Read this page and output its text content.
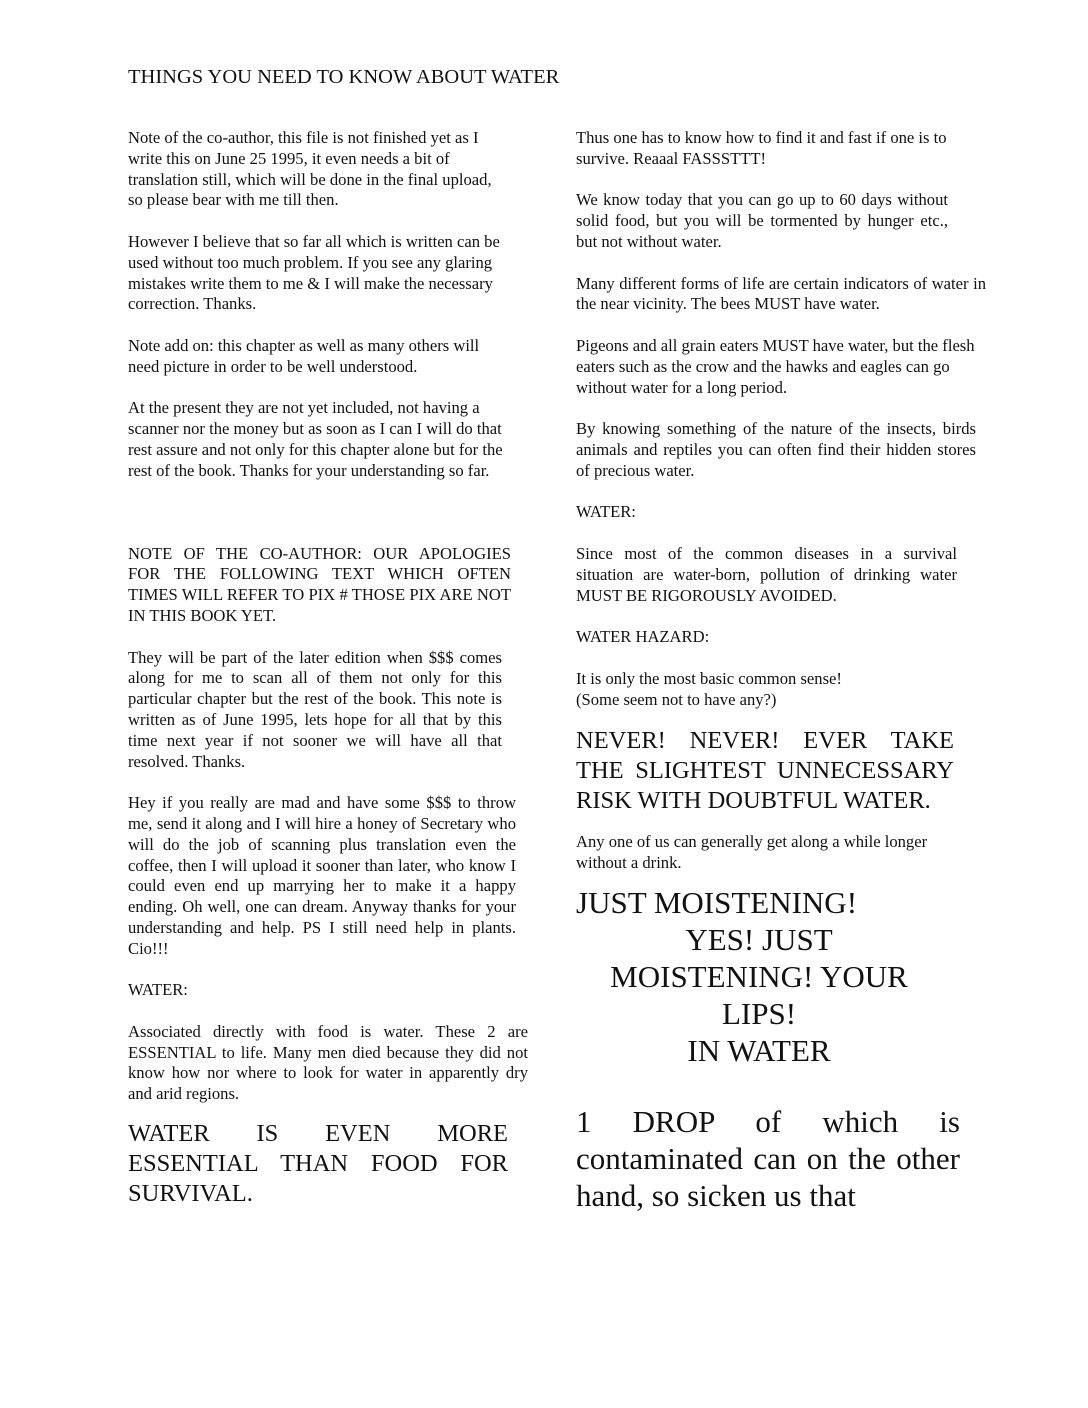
THINGS YOU NEED TO KNOW ABOUT WATER

Note of the co-author, this file is not finished yet as I write this on June 25 1995, it even needs a bit of translation still, which will be done in the final upload, so please bear with me till then.

However I believe that so far all which is written can be used without too much problem. If you see any glaring mistakes write them to me & I will make the necessary correction. Thanks.

Note add on: this chapter as well as many others will need picture in order to be well understood.

At the present they are not yet included, not having a scanner nor the money but as soon as I can I will do that rest assure and not only for this chapter alone but for the rest of the book. Thanks for your understanding so far.

NOTE OF THE CO-AUTHOR: OUR APOLOGIES FOR THE FOLLOWING TEXT WHICH OFTEN TIMES WILL REFER TO PIX # THOSE PIX ARE NOT IN THIS BOOK YET.

They will be part of the later edition when $$$ comes along for me to scan all of them not only for this particular chapter but the rest of the book. This note is written as of June 1995, lets hope for all that by this time next year if not sooner we will have all that resolved. Thanks.

Hey if you really are mad and have some $$$ to throw me, send it along and I will hire a honey of Secretary who will do the job of scanning plus translation even the coffee, then I will upload it sooner than later, who know I could even end up marrying her to make it a happy ending. Oh well, one can dream. Anyway thanks for your understanding and help. PS I still need help in plants. Cio!!!

WATER:

Associated directly with food is water. These 2 are ESSENTIAL to life. Many men died because they did not know how nor where to look for water in apparently dry and arid regions.

WATER IS EVEN MORE ESSENTIAL THAN FOOD FOR SURVIVAL.

Thus one has to know how to find it and fast if one is to survive. Reaaal FASSSTTT!

We know today that you can go up to 60 days without solid food, but you will be tormented by hunger etc., but not without water.

Many different forms of life are certain indicators of water in the near vicinity. The bees MUST have water.

Pigeons and all grain eaters MUST have water, but the flesh eaters such as the crow and the hawks and eagles can go without water for a long period.

By knowing something of the nature of the insects, birds animals and reptiles you can often find their hidden stores of precious water.

WATER:

Since most of the common diseases in a survival situation are water-born, pollution of drinking water MUST BE RIGOROUSLY AVOIDED.

WATER HAZARD:

It is only the most basic common sense!

(Some seem not to have any?)

NEVER! NEVER! EVER TAKE THE SLIGHTEST UNNECESSARY RISK WITH DOUBTFUL WATER.

Any one of us can generally get along a while longer without a drink.

JUST MOISTENING!

YES! JUST MOISTENING! YOUR LIPS!

IN WATER

1 DROP of which is contaminated can on the other hand, so sicken us that
